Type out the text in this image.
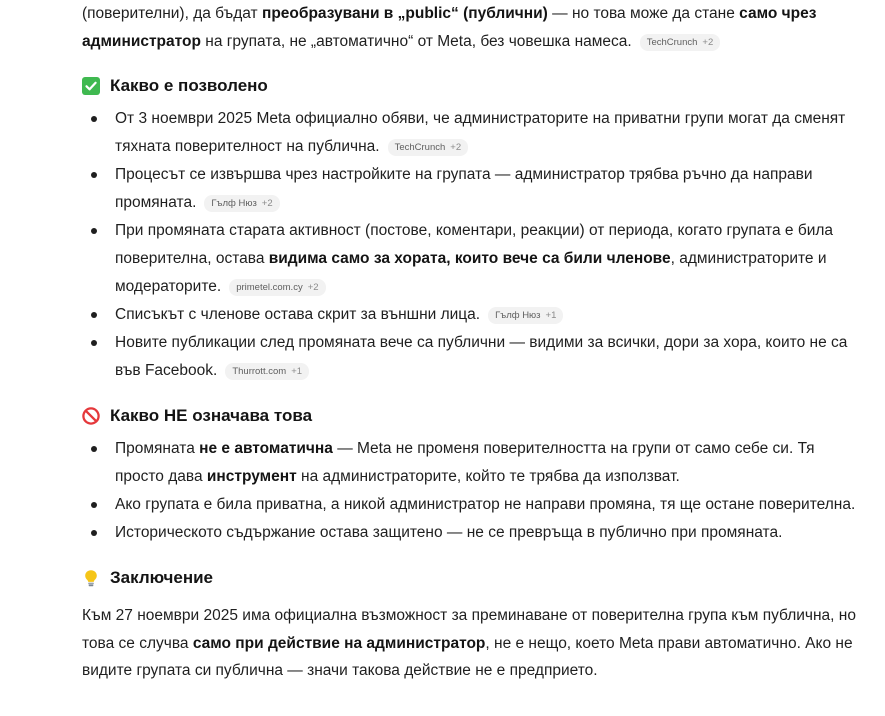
(поверителни), да бъдат преобразувани в „public“ (публични) — но това може да стане само чрез администратор на групата, не „автоматично“ от Meta, без човешка намеса. TechCrunch +2

Какво е позволено
От 3 ноември 2025 Meta официално обяви, че администраторите на приватни групи могат да сменят тяхната поверителност на публична. TechCrunch +2
Процесът се извършва чрез настройките на групата — администратор трябва ръчно да направи промяната. Гълф Нюз +2
При промяната старата активност (постове, коментари, реакции) от периода, когато групата е била поверителна, остава видима само за хората, които вече са били членове, администраторите и модераторите. primetel.com.cy +2
Списъкът с членове остава скрит за външни лица. Гълф Нюз +1
Новите публикации след промяната вече са публични — видими за всички, дори за хора, които не са във Facebook. Thurrott.com +1
Какво НЕ означава това
Промяната не е автоматична — Meta не променя поверителността на групи от само себе си. Тя просто дава инструмент на администраторите, който те трябва да използват.
Ако групата е била приватна, а никой администратор не направи промяна, тя ще остане поверителна.
Историческото съдържание остава защитено — не се превръща в публично при промяната.
Заключение

Към 27 ноември 2025 има официална възможност за преминаване от поверителна група към публична, но това се случва само при действие на администратор, не е нещо, което Meta прави автоматично. Ако не видите групата си публична — значи такова действие не е предприето.
